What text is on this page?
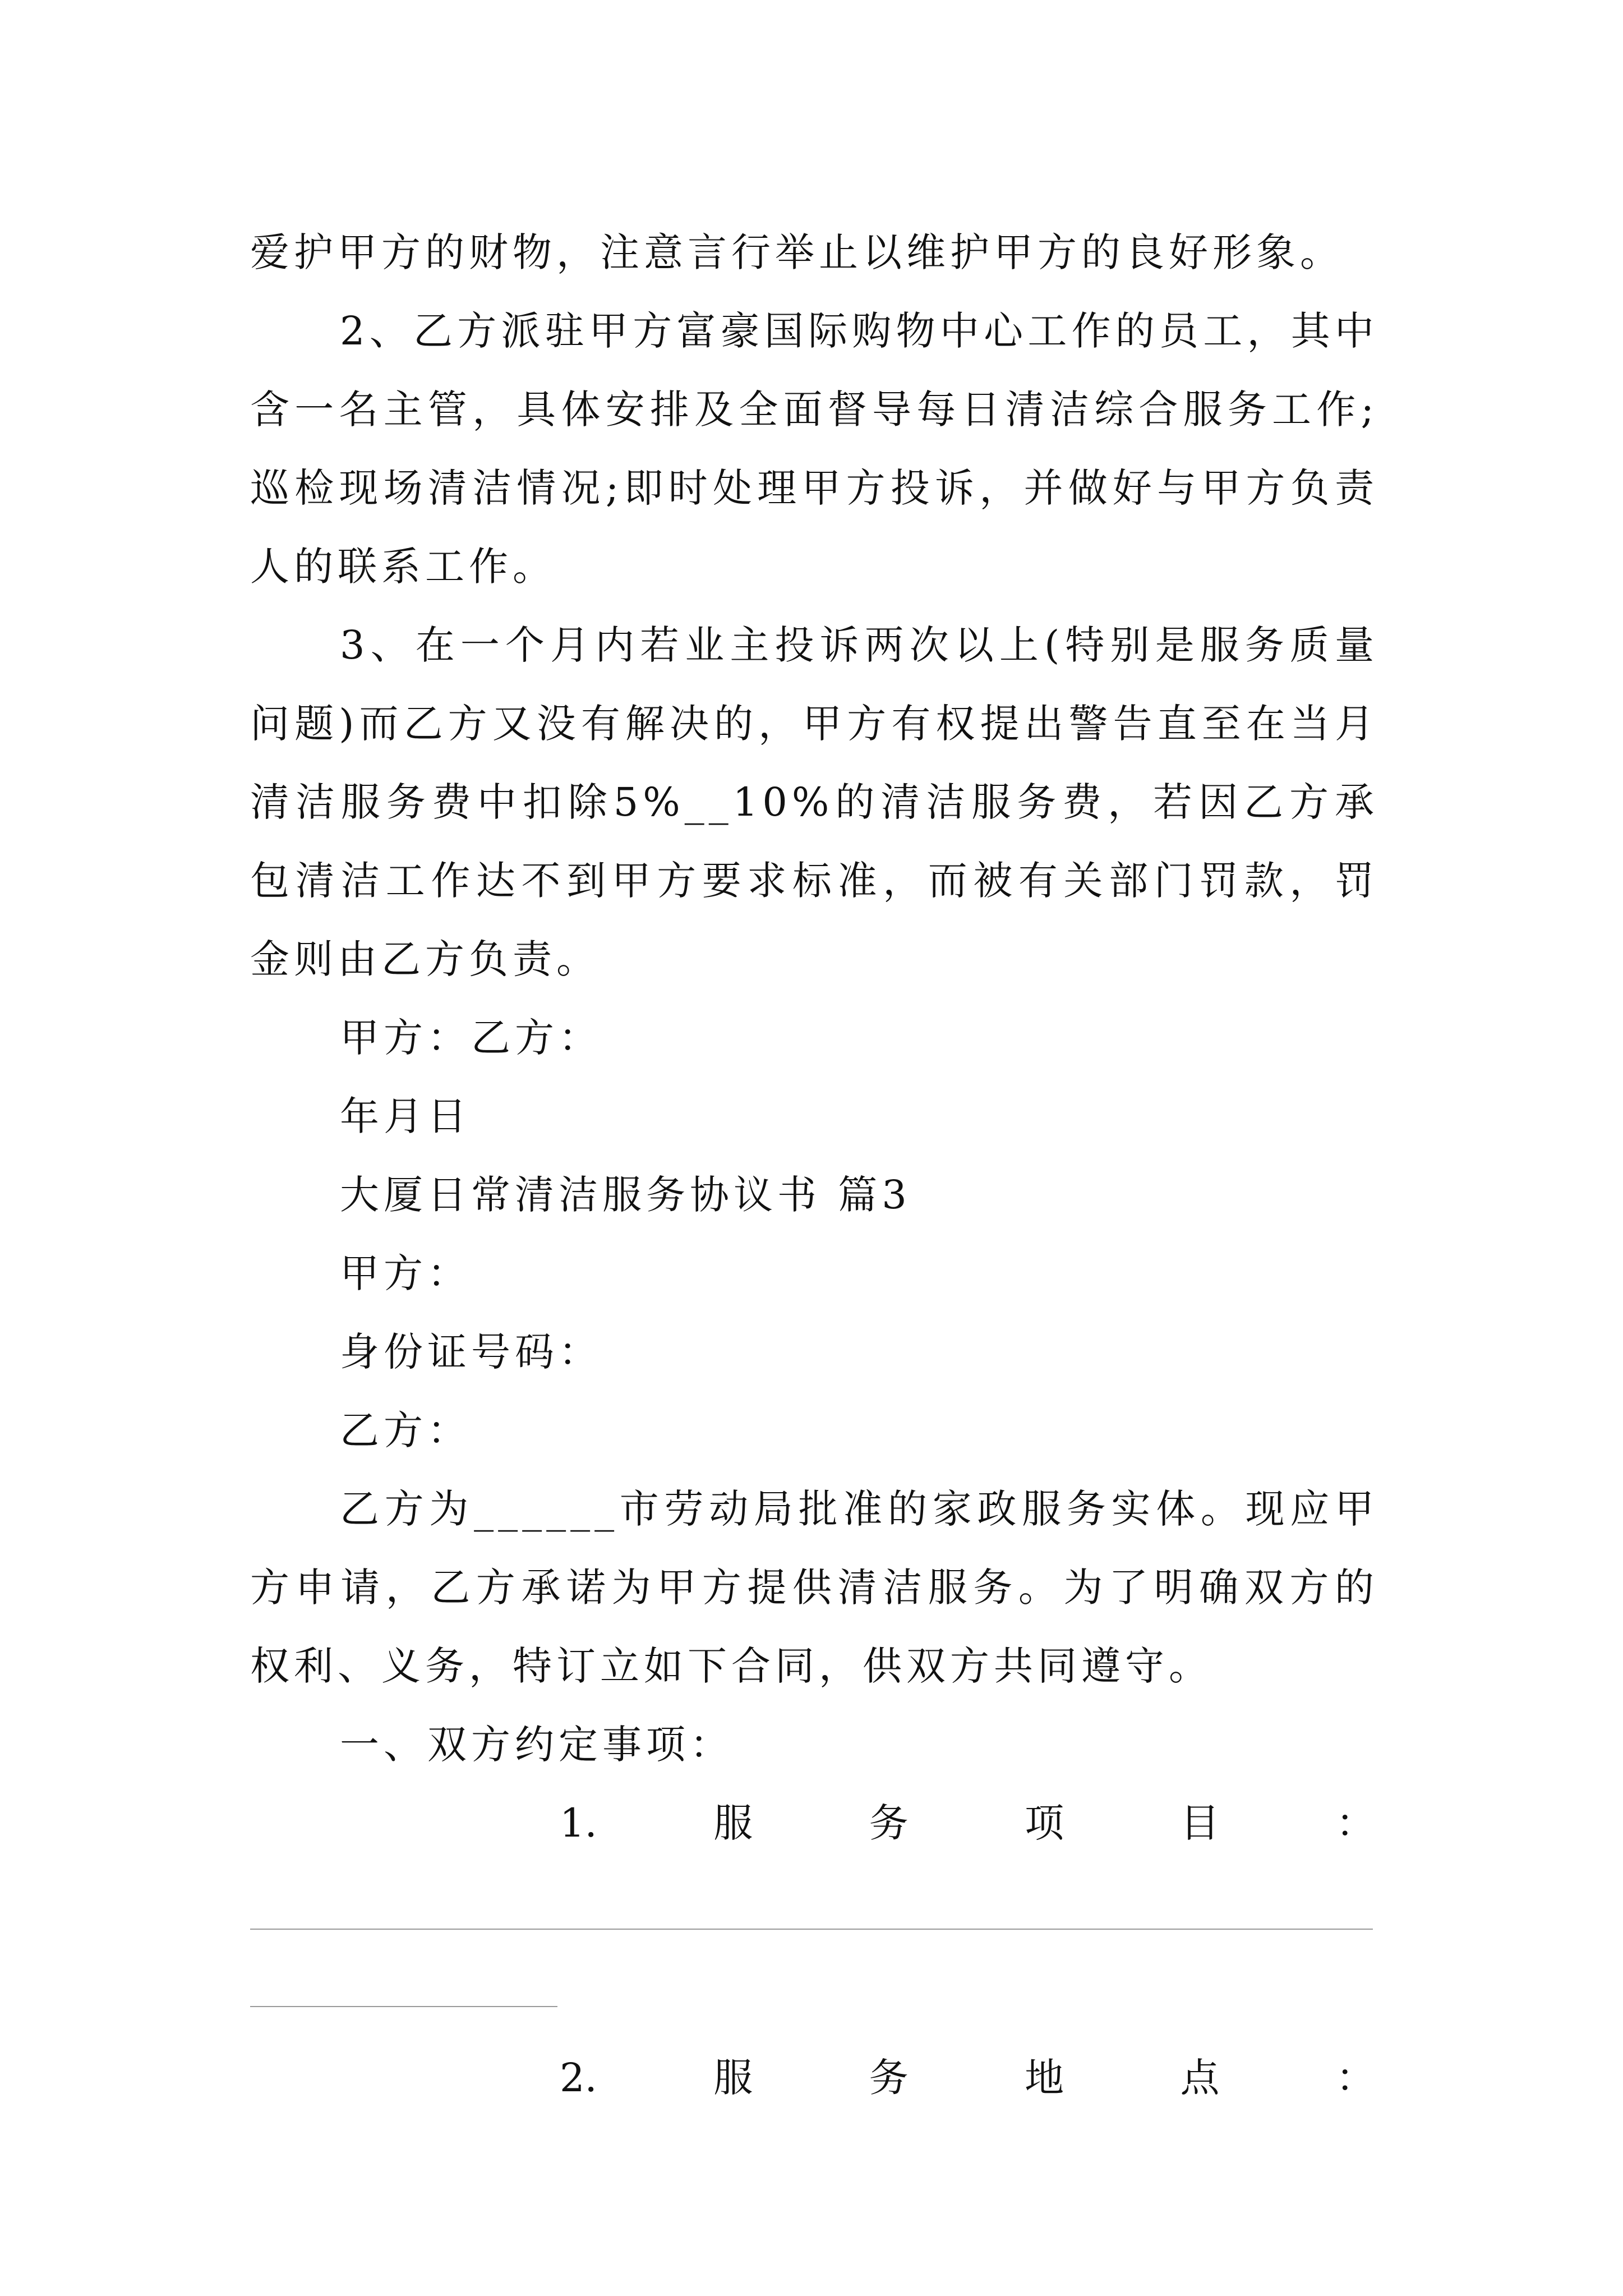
爱护甲方的财物，注意言行举止以维护甲方的良好形象。

2、乙方派驻甲方富豪国际购物中心工作的员工，其中含一名主管，具体安排及全面督导每日清洁综合服务工作;巡检现场清洁情况;即时处理甲方投诉，并做好与甲方负责人的联系工作。

3、在一个月内若业主投诉两次以上(特别是服务质量问题)而乙方又没有解决的，甲方有权提出警告直至在当月清洁服务费中扣除5%__10%的清洁服务费，若因乙方承包清洁工作达不到甲方要求标准，而被有关部门罚款，罚金则由乙方负责。

甲方：乙方：

年月日

大厦日常清洁服务协议书 篇3

甲方：

身份证号码：

乙方：

乙方为______市劳动局批准的家政服务实体。现应甲方申请，乙方承诺为甲方提供清洁服务。为了明确双方的权利、义务，特订立如下合同，供双方共同遵守。

一、双方约定事项：

1.	服	务	项	目	：
2.	服	务	地	点	：
